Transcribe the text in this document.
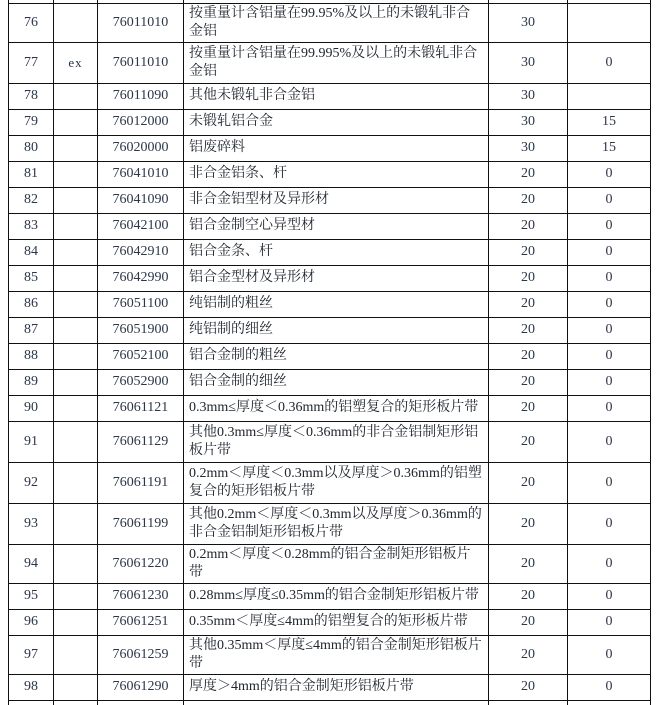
76		76011010	按重量计含铝量在99.95%及以上的未锻轧非合金铝	30	
77	ex	76011010	按重量计含铝量在99.995%及以上的未锻轧非合金铝	30	0
78		76011090	其他未锻轧非合金铝	30	
79		76012000	未锻轧铝合金	30	15
80		76020000	铝废碎料	30	15
81		76041010	非合金铝条、杆	20	0
82		76041090	非合金铝型材及异形材	20	0
83		76042100	铝合金制空心异型材	20	0
84		76042910	铝合金条、杆	20	0
85		76042990	铝合金型材及异形材	20	0
86		76051100	纯铝制的粗丝	20	0
87		76051900	纯铝制的细丝	20	0
88		76052100	铝合金制的粗丝	20	0
89		76052900	铝合金制的细丝	20	0
90		76061121	0.3mm≤厚度＜0.36mm的铝塑复合的矩形板片带	20	0
91		76061129	其他0.3mm≤厚度＜0.36mm的非合金铝制矩形铝板片带	20	0
92		76061191	0.2mm＜厚度＜0.3mm以及厚度＞0.36mm的铝塑复合的矩形铝板片带	20	0
93		76061199	其他0.2mm＜厚度＜0.3mm以及厚度＞0.36mm的非合金铝制矩形铝板片带	20	0
94		76061220	0.2mm＜厚度＜0.28mm的铝合金制矩形铝板片带	20	0
95		76061230	0.28mm≤厚度≤0.35mm的铝合金制矩形铝板片带	20	0
96		76061251	0.35mm＜厚度≤4mm的铝塑复合的矩形板片带	20	0
97		76061259	其他0.35mm＜厚度≤4mm的铝合金制矩形铝板片带	20	0
98		76061290	厚度＞4mm的铝合金制矩形铝板片带	20	0
